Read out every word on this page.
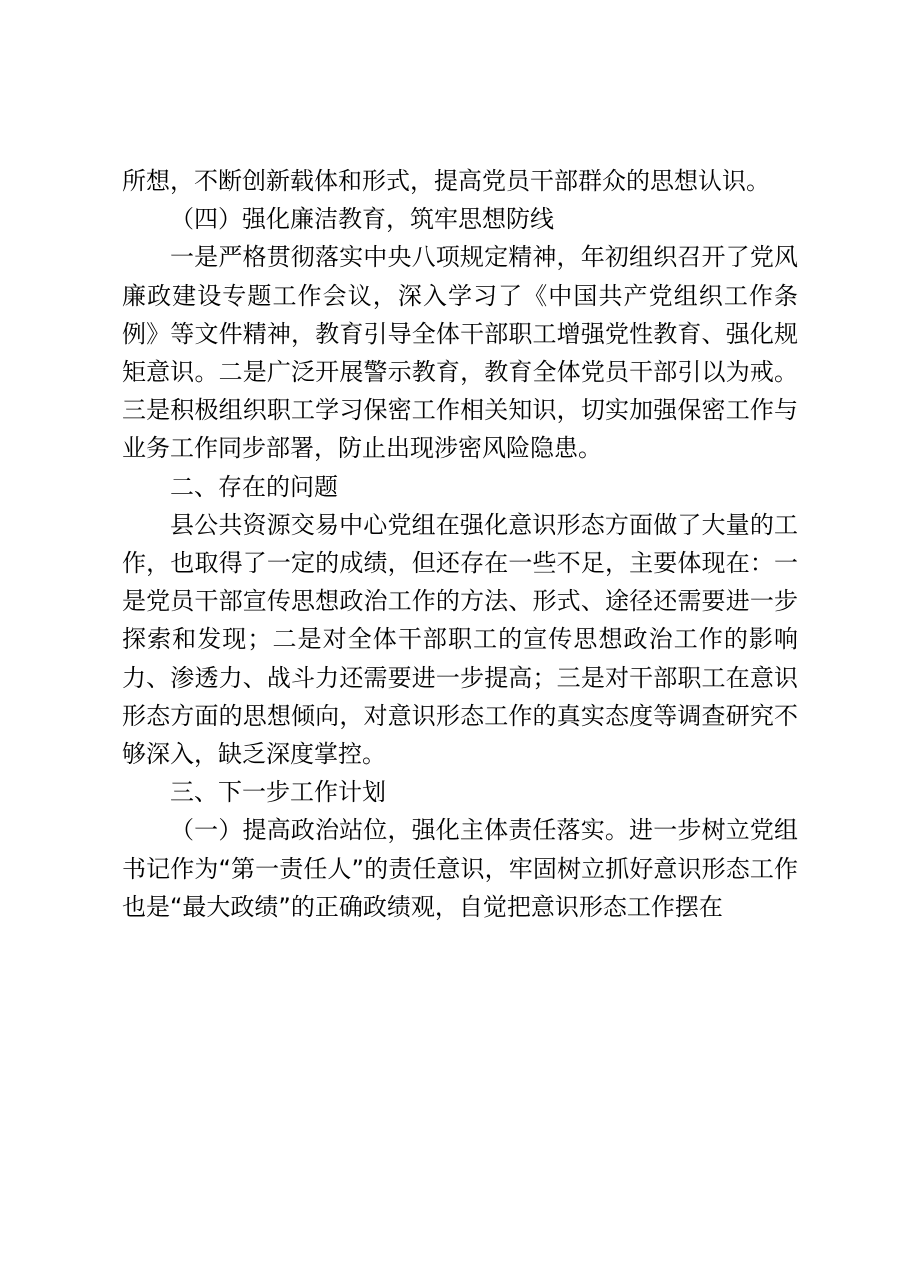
所想，不断创新载体和形式，提高党员干部群众的思想认识。

（四）强化廉洁教育，筑牢思想防线

一是严格贯彻落实中央八项规定精神，年初组织召开了党风廉政建设专题工作会议，深入学习了《中国共产党组织工作条例》等文件精神，教育引导全体干部职工增强党性教育、强化规矩意识。二是广泛开展警示教育，教育全体党员干部引以为戒。三是积极组织职工学习保密工作相关知识，切实加强保密工作与业务工作同步部署，防止出现涉密风险隐患。

二、存在的问题

县公共资源交易中心党组在强化意识形态方面做了大量的工作，也取得了一定的成绩，但还存在一些不足，主要体现在：一是党员干部宣传思想政治工作的方法、形式、途径还需要进一步探索和发现；二是对全体干部职工的宣传思想政治工作的影响力、渗透力、战斗力还需要进一步提高；三是对干部职工在意识形态方面的思想倾向，对意识形态工作的真实态度等调查研究不够深入，缺乏深度掌控。

三、下一步工作计划

（一）提高政治站位，强化主体责任落实。进一步树立党组书记作为“第一责任人”的责任意识，牢固树立抓好意识形态工作也是“最大政绩”的正确政绩观，自觉把意识形态工作摆在
